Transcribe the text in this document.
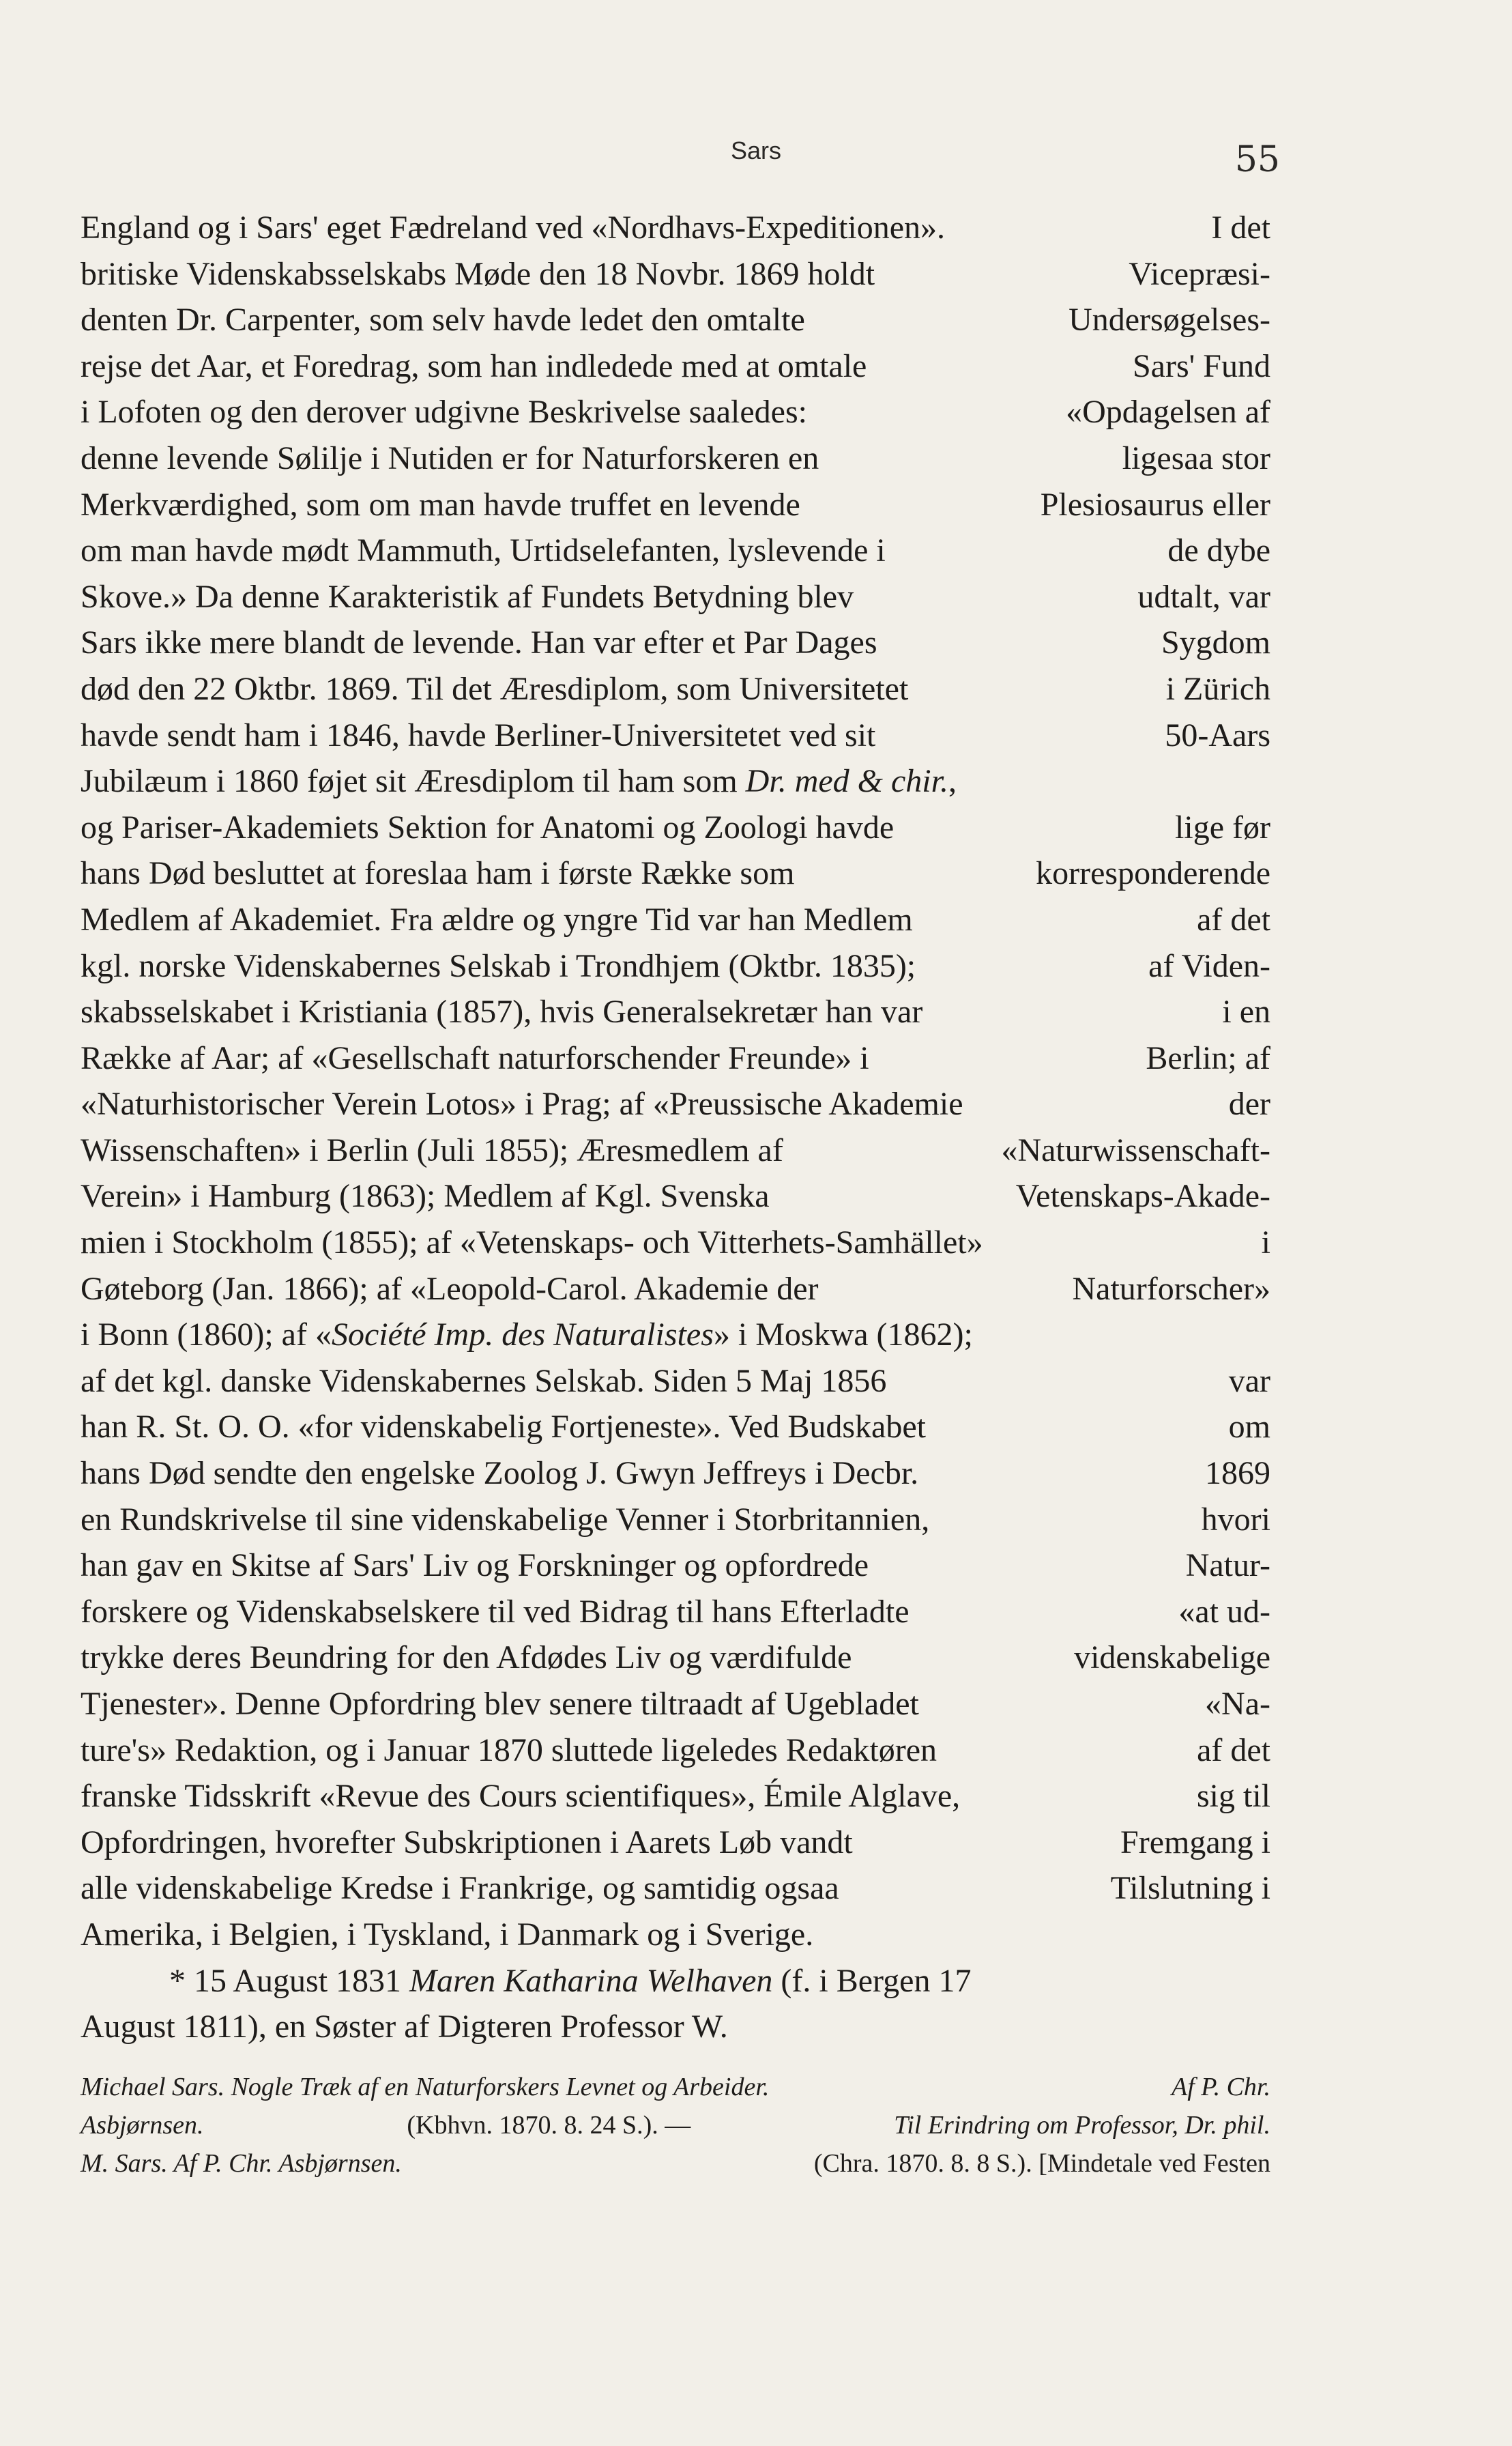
Sars	55
England og i Sars' eget Fædreland ved «Nordhavs-Expeditionen».	I det
britiske Videnskabsselskabs Møde den 18 Novbr. 1869 holdt	Vicepræsi-
denten Dr. Carpenter, som selv havde ledet den omtalte	Undersøgelses-
rejse det Aar, et Foredrag, som han indledede med at omtale	Sars' Fund
i Lofoten og den derover udgivne Beskrivelse saaledes:	«Opdagelsen af
denne levende Sølilje i Nutiden er for Naturforskeren en	ligesaa stor
Merkværdighed, som om man havde truffet en levende	Plesiosaurus eller
om man havde mødt Mammuth, Urtidselefanten, lyslevende i	de dybe
Skove.» Da denne Karakteristik af Fundets Betydning blev	udtalt, var
Sars ikke mere blandt de levende. Han var efter et Par Dages	Sygdom
død den 22 Oktbr. 1869. Til det Æresdiplom, som Universitetet	i Zürich
havde sendt ham i 1846, havde Berliner-Universitetet ved sit	50-Aars
Jubilæum i 1860 føjet sit Æresdiplom til ham som Dr. med & chir. ,
og Pariser-Akademiets Sektion for Anatomi og Zoologi havde	lige før
hans Død besluttet at foreslaa ham i første Række som	korresponderende
Medlem af Akademiet. Fra ældre og yngre Tid var han Medlem	af det
kgl. norske Videnskabernes Selskab i Trondhjem (Oktbr. 1835);	af Viden-
skabsselskabet i Kristiania (1857), hvis Generalsekretær han var	i en
Række af Aar; af «Gesellschaft naturforschender Freunde» i	Berlin; af
«Naturhistorischer Verein Lotos» i Prag; af «Preussische Akademie	der
Wissenschaften» i Berlin (Juli 1855); Æresmedlem af	«Naturwissenschaft-
Verein» i Hamburg (1863); Medlem af Kgl. Svenska	Vetenskaps-Akade-
mien i Stockholm (1855); af «Vetenskaps- och Vitterhets-Samhället»	i
Gøteborg (Jan. 1866); af «Leopold-Carol. Akademie der	Naturforscher»
i Bonn (1860); af « Société Imp. des Naturalistes » i Moskwa (1862);
af det kgl. danske Videnskabernes Selskab. Siden 5 Maj 1856	var
han R. St. O. O. «for videnskabelig Fortjeneste». Ved Budskabet	om
hans Død sendte den engelske Zoolog J. Gwyn Jeffreys i Decbr.	1869
en Rundskrivelse til sine videnskabelige Venner i Storbritannien,	hvori
han gav en Skitse af Sars' Liv og Forskninger og opfordrede	Natur-
forskere og Videnskabselskere til ved Bidrag til hans Efterladte	«at ud-
trykke deres Beundring for den Afdødes Liv og værdifulde	videnskabelige
Tjenester». Denne Opfordring blev senere tiltraadt af Ugebladet	«Na-
ture's» Redaktion, og i Januar 1870 sluttede ligeledes Redaktøren	af det
franske Tidsskrift «Revue des Cours scientifiques», Émile Alglave,	sig til
Opfordringen, hvorefter Subskriptionen i Aarets Løb vandt	Fremgang i
alle videnskabelige Kredse i Frankrige, og samtidig ogsaa	Tilslutning i
Amerika, i Belgien, i Tyskland, i Danmark og i Sverige.
* 15 August 1831 Maren Katharina Welhaven (f. i Bergen 17
August 1811), en Søster af Digteren Professor W.
Michael Sars. Nogle Træk af en Naturforskers Levnet og Arbeider.	Af P. Chr.
Asbjørnsen.	(Kbhvn. 1870. 8. 24 S.). —	Til Erindring om Professor, Dr. phil.
M. Sars. Af P. Chr. Asbjørnsen.	(Chra. 1870. 8. 8 S.). [Mindetale ved Festen
